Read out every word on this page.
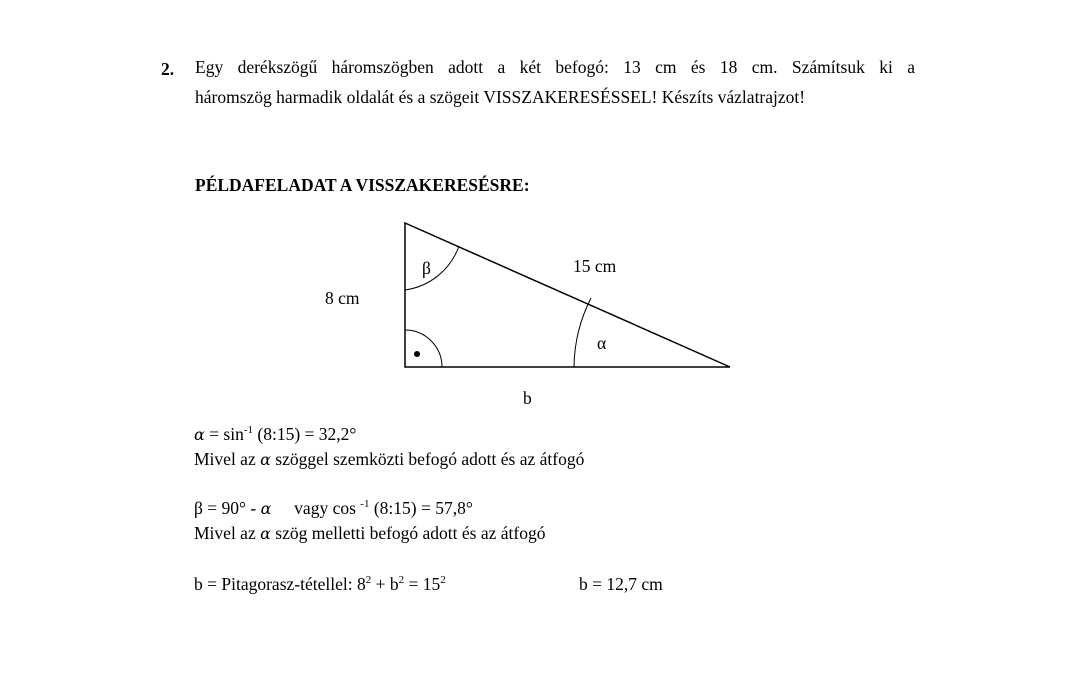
2. Egy derékszögű háromszögben adott a két befogó: 13 cm és 18 cm. Számítsuk ki a
háromszög harmadik oldalát és a szögeit VISSZAKERESÉSSEL! Készíts vázlatrajzot!
PÉLDAFELADAT A VISSZAKERESÉSRE:
β
α
15 cm
8 cm
b
$\alpha = \sin^{-1}$ (8:15) = 32,2°
Mivel az α szöggel szemközti befogó adott és az átfogó
β = 90° - α vagy cos $^{-1}$ (8:15) = 57,8°
Mivel az α szög melletti befogó adott és az átfogó
b = Pitagorasz-tétellel: $8^2 + b^2 = 15^2$	b = 12,7 cm
